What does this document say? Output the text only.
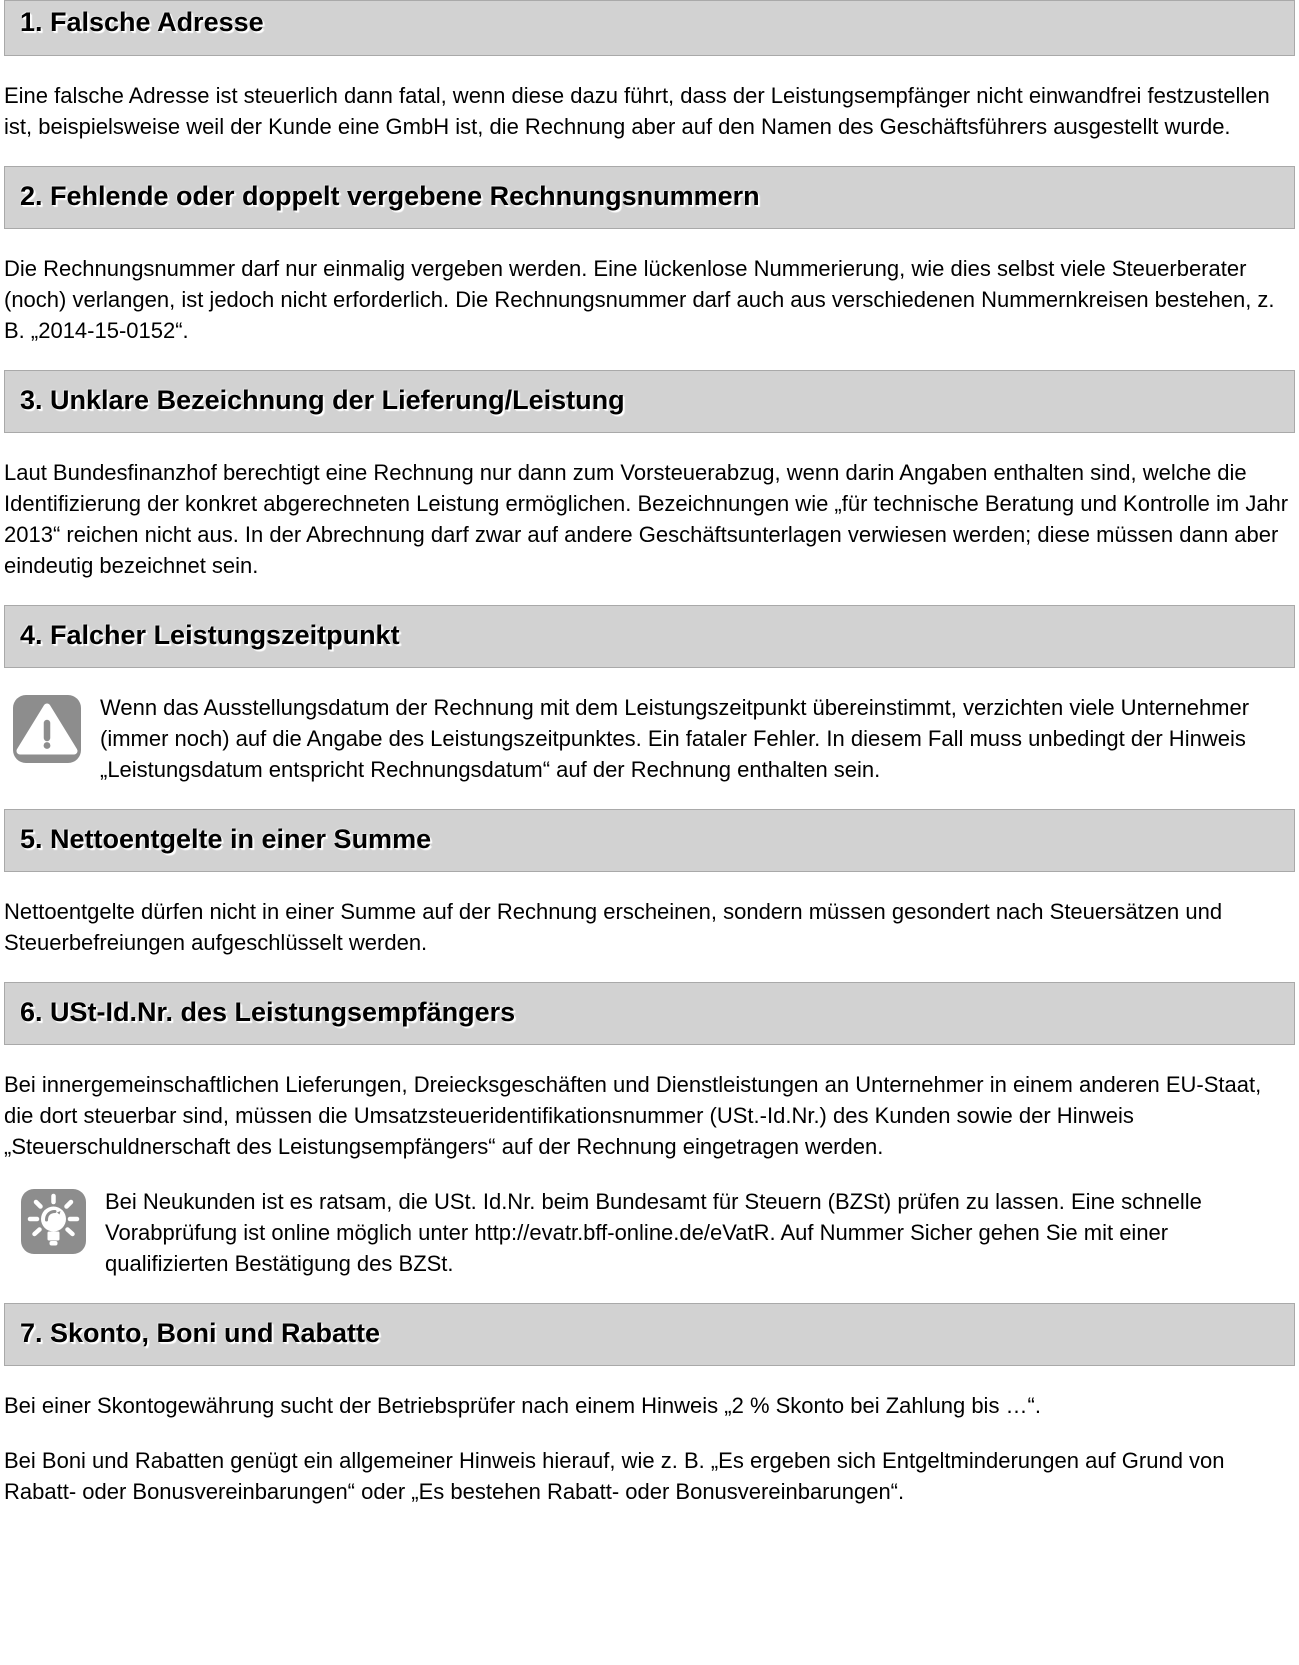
1. Falsche Adresse

Eine falsche Adresse ist steuerlich dann fatal, wenn diese dazu führt, dass der Leistungsempfänger nicht einwandfrei festzustellen ist, beispielsweise weil der Kunde eine GmbH ist, die Rechnung aber auf den Namen des Geschäftsführers ausgestellt wurde.

2. Fehlende oder doppelt vergebene Rechnungsnummern

Die Rechnungsnummer darf nur einmalig vergeben werden. Eine lückenlose Nummerierung, wie dies selbst viele Steuerberater (noch) verlangen, ist jedoch nicht erforderlich. Die Rechnungsnummer darf auch aus verschiedenen Nummernkreisen bestehen, z. B. „2014-15-0152“.

3. Unklare Bezeichnung der Lieferung/Leistung

Laut Bundesfinanzhof berechtigt eine Rechnung nur dann zum Vorsteuerabzug, wenn darin Angaben enthalten sind, welche die Identifizierung der konkret abgerechneten Leistung ermöglichen. Bezeichnungen wie „für technische Beratung und Kontrolle im Jahr 2013“ reichen nicht aus. In der Abrechnung darf zwar auf andere Geschäftsunterlagen verwiesen werden; diese müssen dann aber eindeutig bezeichnet sein.

4. Falcher Leistungszeitpunkt
Wenn das Ausstellungsdatum der Rechnung mit dem Leistungszeitpunkt übereinstimmt, verzichten viele Unternehmer (immer noch) auf die Angabe des Leistungszeitpunktes. Ein fataler Fehler. In diesem Fall muss unbedingt der Hinweis „Leistungsdatum entspricht Rechnungsdatum“ auf der Rechnung enthalten sein.
5. Nettoentgelte in einer Summe

Nettoentgelte dürfen nicht in einer Summe auf der Rechnung erscheinen, sondern müssen gesondert nach Steuersätzen und Steuerbefreiungen aufgeschlüsselt werden.

6. USt-Id.Nr. des Leistungsempfängers

Bei innergemeinschaftlichen Lieferungen, Dreiecksgeschäften und Dienstleistungen an Unternehmer in einem anderen EU-Staat, die dort steuerbar sind, müssen die Umsatzsteueridentifikationsnummer (USt.-Id.Nr.) des Kunden sowie der Hinweis „Steuerschuldnerschaft des Leistungsempfängers“ auf der Rechnung eingetragen werden.

Bei Neukunden ist es ratsam, die USt. Id.Nr. beim Bundesamt für Steuern (BZSt) prüfen zu lassen. Eine schnelle Vorabprüfung ist online möglich unter http://evatr.bff-online.de/eVatR. Auf Nummer Sicher gehen Sie mit einer qualifizierten Bestätigung des BZSt.
7. Skonto, Boni und Rabatte

Bei einer Skontogewährung sucht der Betriebsprüfer nach einem Hinweis „2 % Skonto bei Zahlung bis …“.

Bei Boni und Rabatten genügt ein allgemeiner Hinweis hierauf, wie z. B. „Es ergeben sich Entgeltminderungen auf Grund von Rabatt- oder Bonusvereinbarungen“ oder „Es bestehen Rabatt- oder Bonusvereinbarungen“.
